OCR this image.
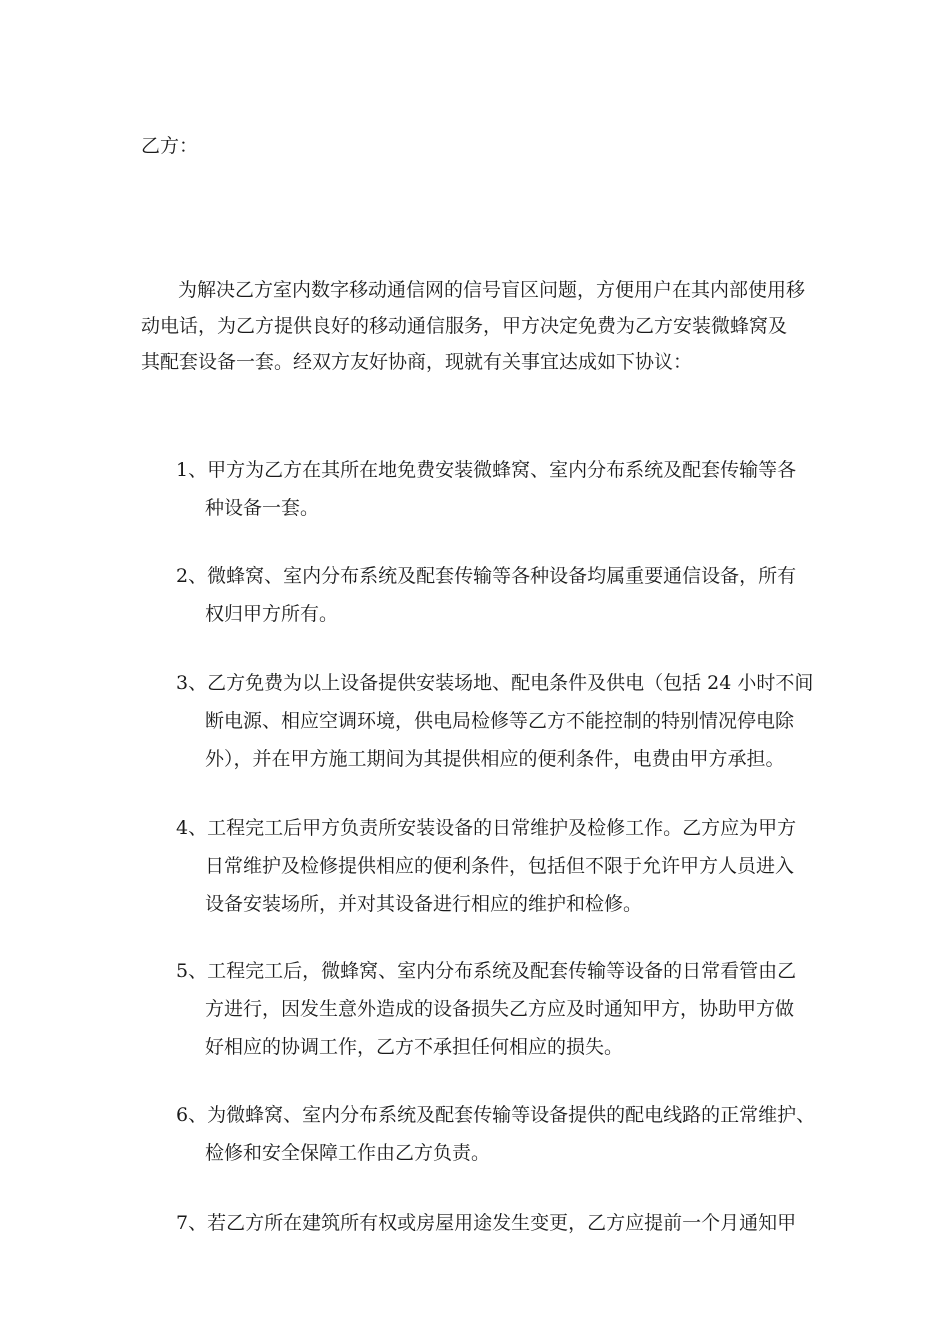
乙方：
为解决乙方室内数字移动通信网的信号盲区问题，方便用户在其内部使用移
动电话，为乙方提供良好的移动通信服务，甲方决定免费为乙方安装微蜂窝及
其配套设备一套。经双方友好协商，现就有关事宜达成如下协议：
1、甲方为乙方在其所在地免费安装微蜂窝、室内分布系统及配套传输等各
种设备一套。
2、微蜂窝、室内分布系统及配套传输等各种设备均属重要通信设备，所有
权归甲方所有。
3、乙方免费为以上设备提供安装场地、配电条件及供电（包括 24 小时不间
断电源、相应空调环境，供电局检修等乙方不能控制的特别情况停电除
外），并在甲方施工期间为其提供相应的便利条件，电费由甲方承担。
4、工程完工后甲方负责所安装设备的日常维护及检修工作。乙方应为甲方
日常维护及检修提供相应的便利条件，包括但不限于允许甲方人员进入
设备安装场所，并对其设备进行相应的维护和检修。
5、工程完工后，微蜂窝、室内分布系统及配套传输等设备的日常看管由乙
方进行，因发生意外造成的设备损失乙方应及时通知甲方，协助甲方做
好相应的协调工作，乙方不承担任何相应的损失。
6、为微蜂窝、室内分布系统及配套传输等设备提供的配电线路的正常维护、
检修和安全保障工作由乙方负责。
7、若乙方所在建筑所有权或房屋用途发生变更，乙方应提前一个月通知甲
